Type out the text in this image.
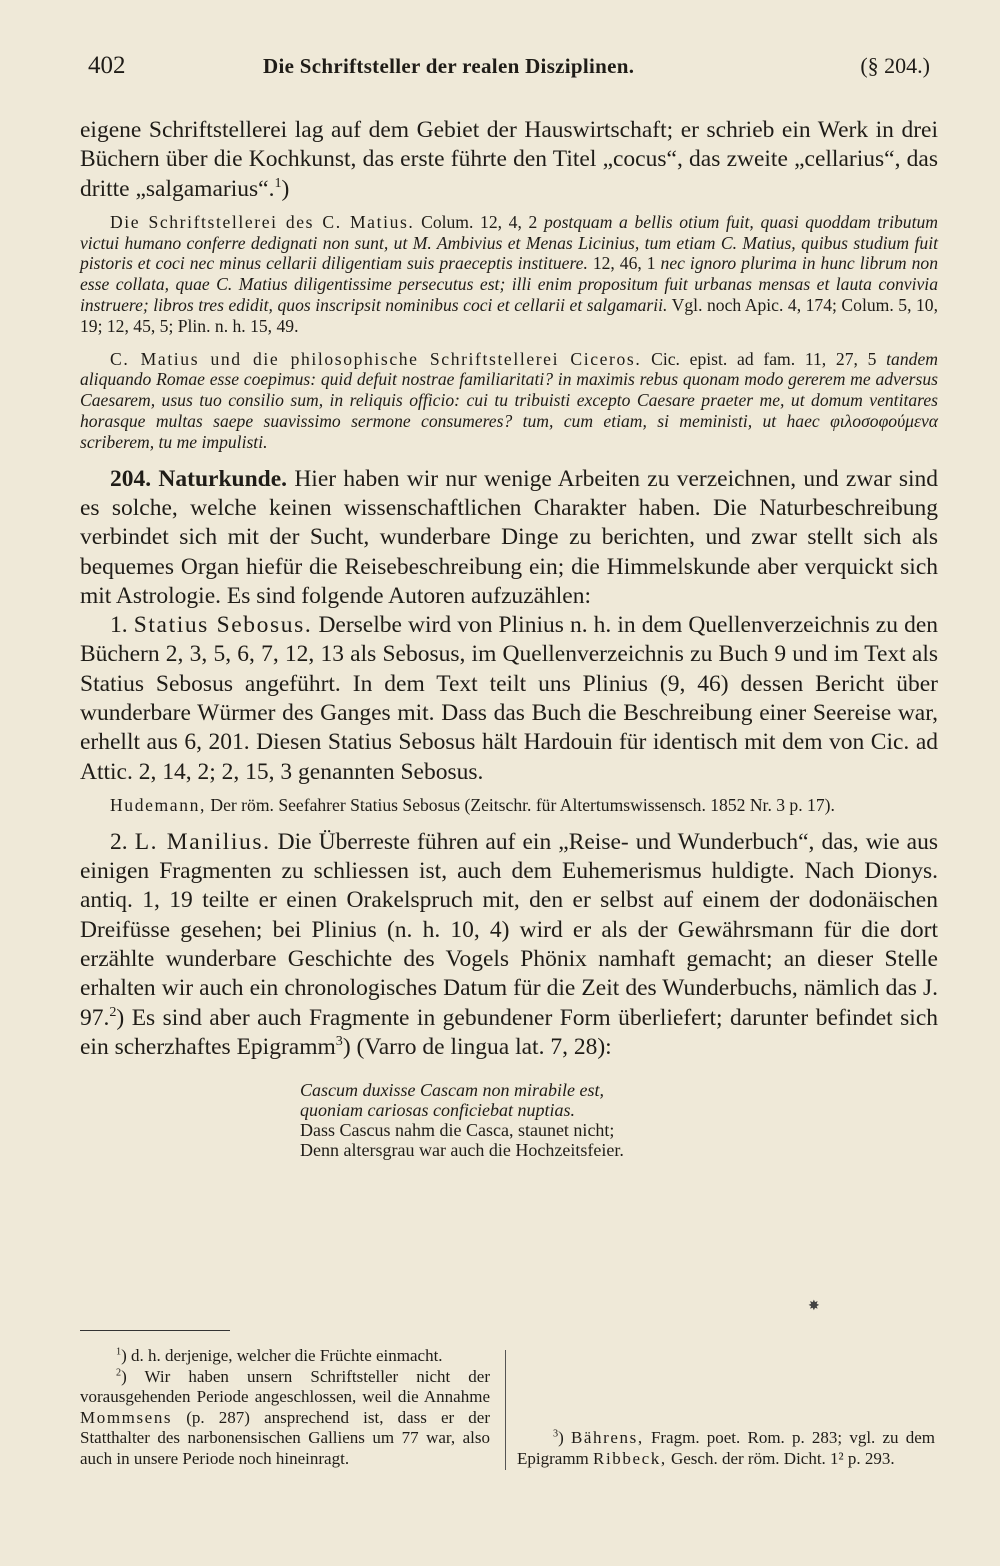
402	Die Schriftsteller der realen Disziplinen.	(§ 204.)

eigene Schriftstellerei lag auf dem Gebiet der Hauswirtschaft; er schrieb ein Werk in drei Büchern über die Kochkunst, das erste führte den Titel „cocus“, das zweite „cellarius“, das dritte „salgamarius“.$^1$)

Die Schriftstellerei des C. Matius. Colum. 12, 4, 2 postquam a bellis otium fuit, quasi quoddam tributum victui humano conferre dedignati non sunt, ut M. Ambivius et Menas Licinius, tum etiam C. Matius, quibus studium fuit pistoris et coci nec minus cellarii diligentiam suis praeceptis instituere. 12, 46, 1 nec ignoro plurima in hunc librum non esse collata, quae C. Matius diligentissime persecutus est; illi enim propositum fuit urbanas mensas et lauta convivia instruere; libros tres edidit, quos inscripsit nominibus coci et cellarii et salgamarii. Vgl. noch Apic. 4, 174; Colum. 5, 10, 19; 12, 45, 5; Plin. n. h. 15, 49.

C. Matius und die philosophische Schriftstellerei Ciceros. Cic. epist. ad fam. 11, 27, 5 tandem aliquando Romae esse coepimus: quid defuit nostrae familiaritati? in maximis rebus quonam modo gererem me adversus Caesarem, usus tuo consilio sum, in reliquis officio: cui tu tribuisti excepto Caesare praeter me, ut domum ventitares horasque multas saepe suavissimo sermone consumeres? tum, cum etiam, si meministi, ut haec φιλοσοφούμενα scriberem, tu me impulisti.

204. Naturkunde. Hier haben wir nur wenige Arbeiten zu verzeichnen, und zwar sind es solche, welche keinen wissenschaftlichen Charakter haben. Die Naturbeschreibung verbindet sich mit der Sucht, wunderbare Dinge zu berichten, und zwar stellt sich als bequemes Organ hiefür die Reisebeschreibung ein; die Himmelskunde aber verquickt sich mit Astrologie. Es sind folgende Autoren aufzuzählen:

1. Statius Sebosus. Derselbe wird von Plinius n. h. in dem Quellenverzeichnis zu den Büchern 2, 3, 5, 6, 7, 12, 13 als Sebosus, im Quellenverzeichnis zu Buch 9 und im Text als Statius Sebosus angeführt. In dem Text teilt uns Plinius (9, 46) dessen Bericht über wunderbare Würmer des Ganges mit. Dass das Buch die Beschreibung einer Seereise war, erhellt aus 6, 201. Diesen Statius Sebosus hält Hardouin für identisch mit dem von Cic. ad Attic. 2, 14, 2; 2, 15, 3 genannten Sebosus.

Hudemann, Der röm. Seefahrer Statius Sebosus (Zeitschr. für Altertumswissensch. 1852 Nr. 3 p. 17).

2. L. Manilius. Die Überreste führen auf ein „Reise- und Wunderbuch“, das, wie aus einigen Fragmenten zu schliessen ist, auch dem Euhemerismus huldigte. Nach Dionys. antiq. 1, 19 teilte er einen Orakelspruch mit, den er selbst auf einem der dodonäischen Dreifüsse gesehen; bei Plinius (n. h. 10, 4) wird er als der Gewährsmann für die dort erzählte wunderbare Geschichte des Vogels Phönix namhaft gemacht; an dieser Stelle erhalten wir auch ein chronologisches Datum für die Zeit des Wunderbuchs, nämlich das J. 97.$^2$) Es sind aber auch Fragmente in gebundener Form überliefert; darunter befindet sich ein scherzhaftes Epigramm$^3$) (Varro de lingua lat. 7, 28):

Cascum duxisse Cascam non mirabile est,
quoniam cariosas conficiebat nuptias.
Dass Cascus nahm die Casca, staunet nicht;
Denn altersgrau war auch die Hochzeitsfeier.
✸

$^1$) d. h. derjenige, welcher die Früchte einmacht.

$^2$) Wir haben unsern Schriftsteller nicht der vorausgehenden Periode angeschlossen, weil die Annahme Mommsens (p. 287) ansprechend ist, dass er der Statthalter des narbonensischen Galliens um 77 war, also auch in unsere Periode noch hineinragt.

$^3$) Bährens, Fragm. poet. Rom. p. 283; vgl. zu dem Epigramm Ribbeck, Gesch. der röm. Dicht. 1² p. 293.
